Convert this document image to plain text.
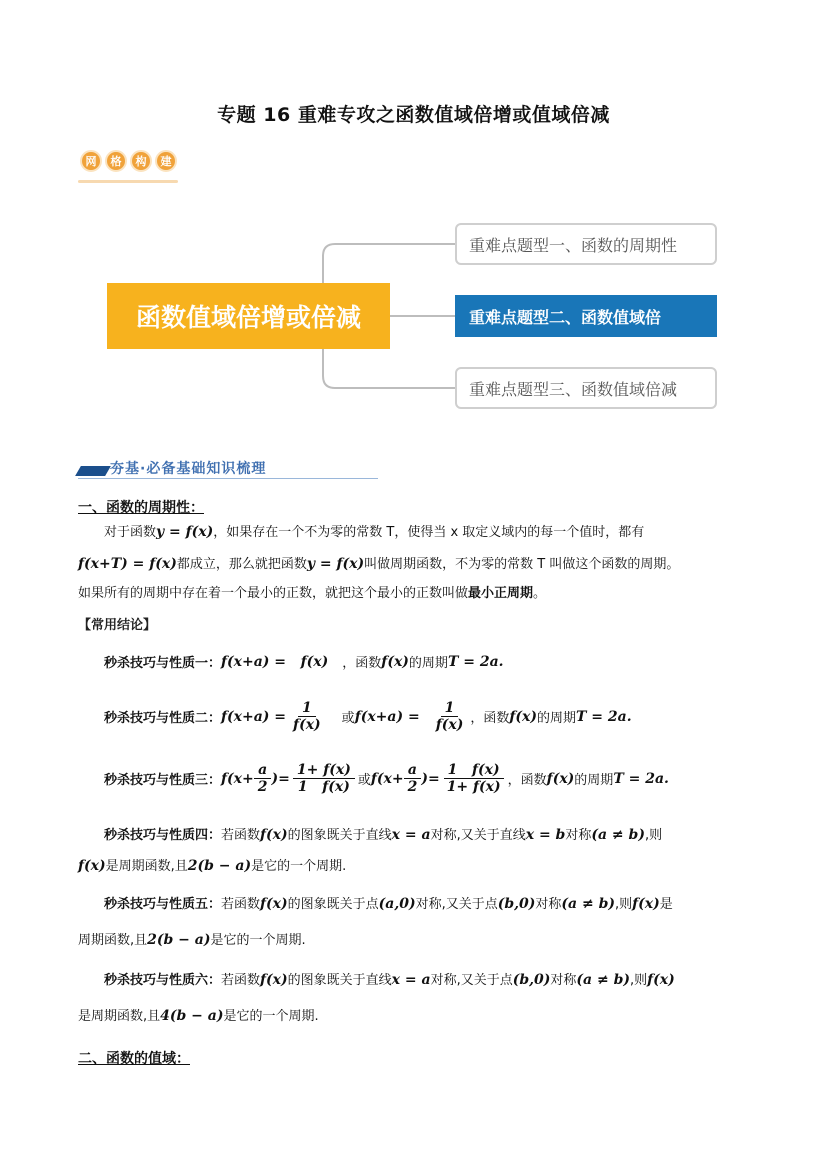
专题 16 重难专攻之函数值域倍增或值域倍减
网	格	构	建
函数值域倍增或倍减
重难点题型一、函数的周期性
重难点题型二、函数值域倍
重难点题型三、函数值域倍减
夯基·必备基础知识梳理
一、函数的周期性：
对于函数y = f(x)，如果存在一个不为零的常数 T，使得当 x 取定义域内的每一个值时，都有
f(x+T) = f(x)都成立，那么就把函数y = f(x)叫做周期函数，不为零的常数 T 叫做这个函数的周期。
如果所有的周期中存在着一个最小的正数，就把这个最小的正数叫做最小正周期。
【常用结论】
秒杀技巧与性质一： f(x+a) =   f(x) ，函数 f(x) 的周期 T = 2a.
秒杀技巧与性质二： $f(x+a) = \frac{1}{f(x)}$ 或 $f(x+a) = \frac{1}{f(x)}$ ，函数 f(x) 的周期 T = 2a.
秒杀技巧与性质三： $f(x+ \frac{a}{2}$ )= $\frac{1+ f(x)}{1 f(x)}$ 或 $f(x+ \frac{a}{2}$ )= $\frac{1 f(x)}{1+ f(x)}$ ，函数 f(x) 的周期 T = 2a.
秒杀技巧与性质四：若函数f(x)的图象既关于直线x = a对称,又关于直线x = b对称(a ≠ b),则
f(x)是周期函数,且2(b − a)是它的一个周期.
秒杀技巧与性质五：若函数f(x)的图象既关于点(a,0)对称,又关于点(b,0)对称(a ≠ b),则f(x)是
周期函数,且2(b − a)是它的一个周期.
秒杀技巧与性质六：若函数f(x)的图象既关于直线x = a对称,又关于点(b,0)对称(a ≠ b),则f(x)
是周期函数,且4(b − a)是它的一个周期.
二、函数的值域：
